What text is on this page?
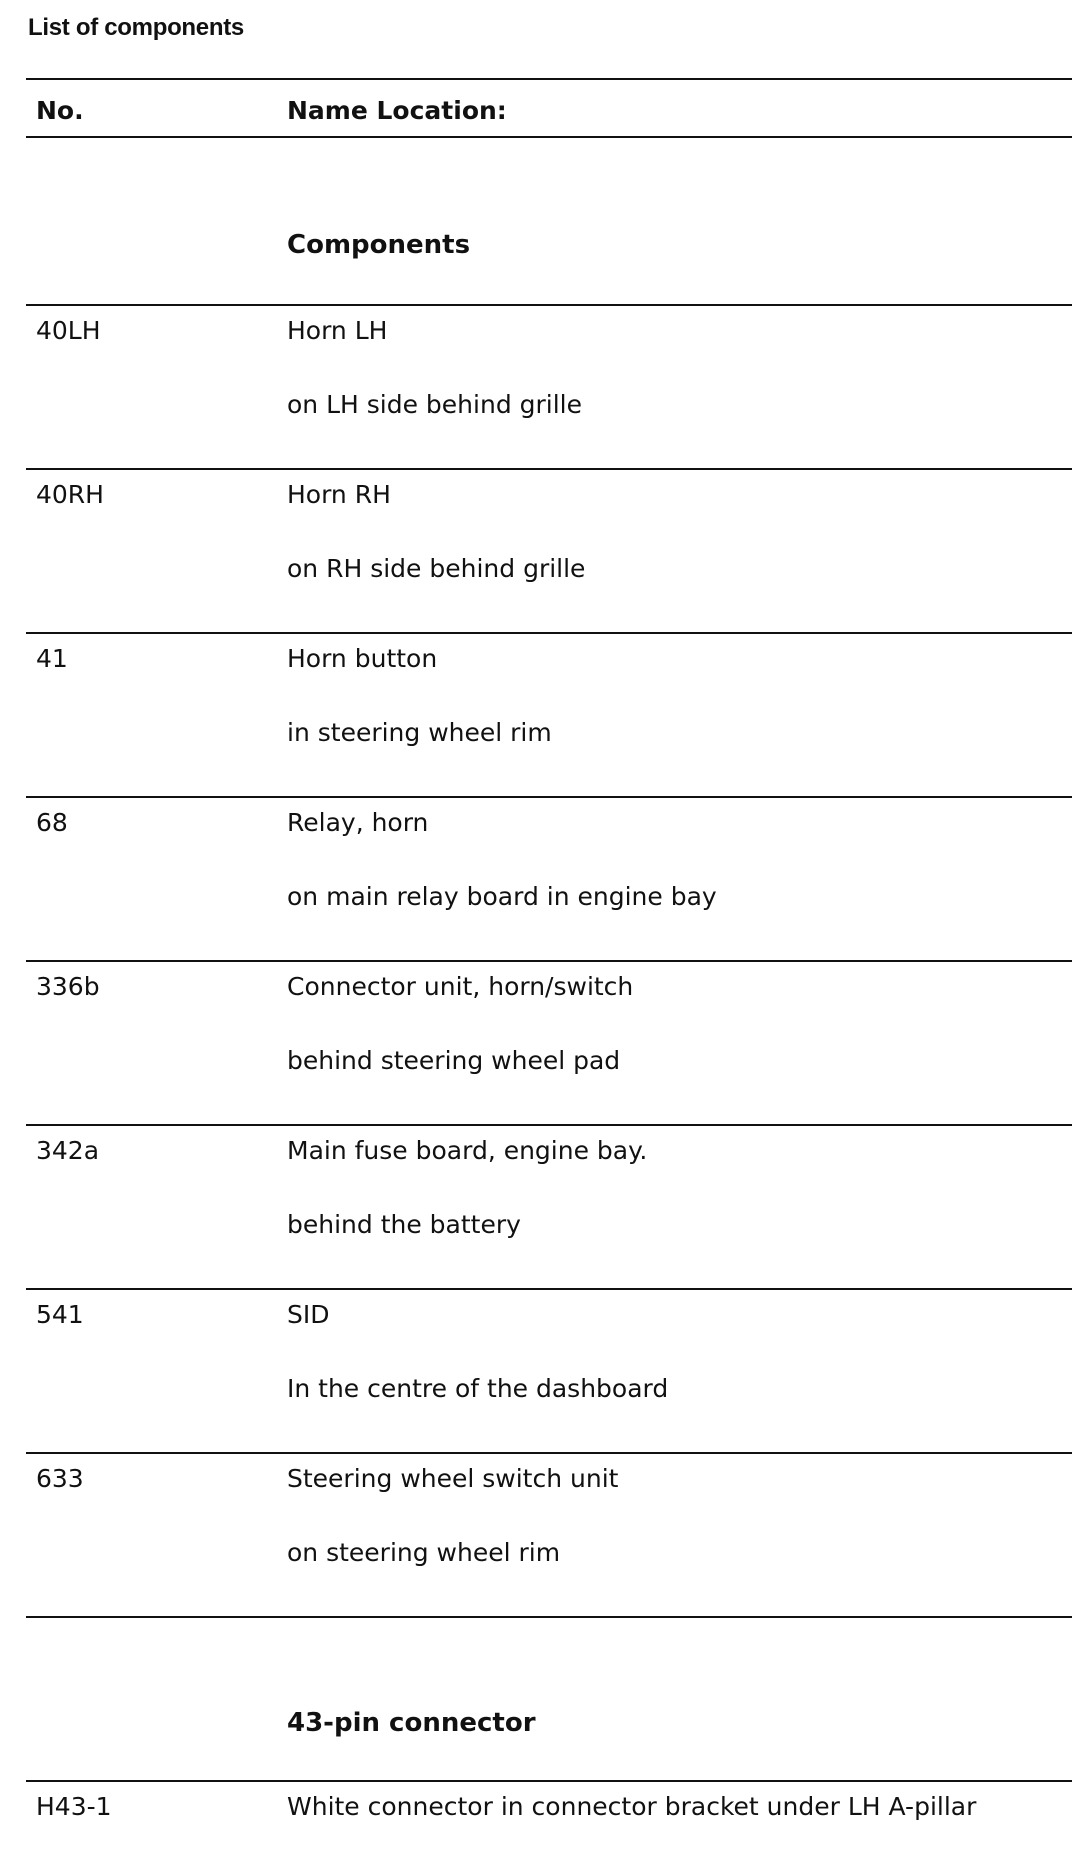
List of components
No.	Name Location:
Components
40LH	Horn LH
on LH side behind grille
40RH	Horn RH
on RH side behind grille
41	Horn button
in steering wheel rim
68	Relay, horn
on main relay board in engine bay
336b	Connector unit, horn/switch
behind steering wheel pad
342a	Main fuse board, engine bay.
behind the battery
541	SID
In the centre of the dashboard
633	Steering wheel switch unit
on steering wheel rim
43-pin connector
H43-1	White connector in connector bracket under LH A-pillar
